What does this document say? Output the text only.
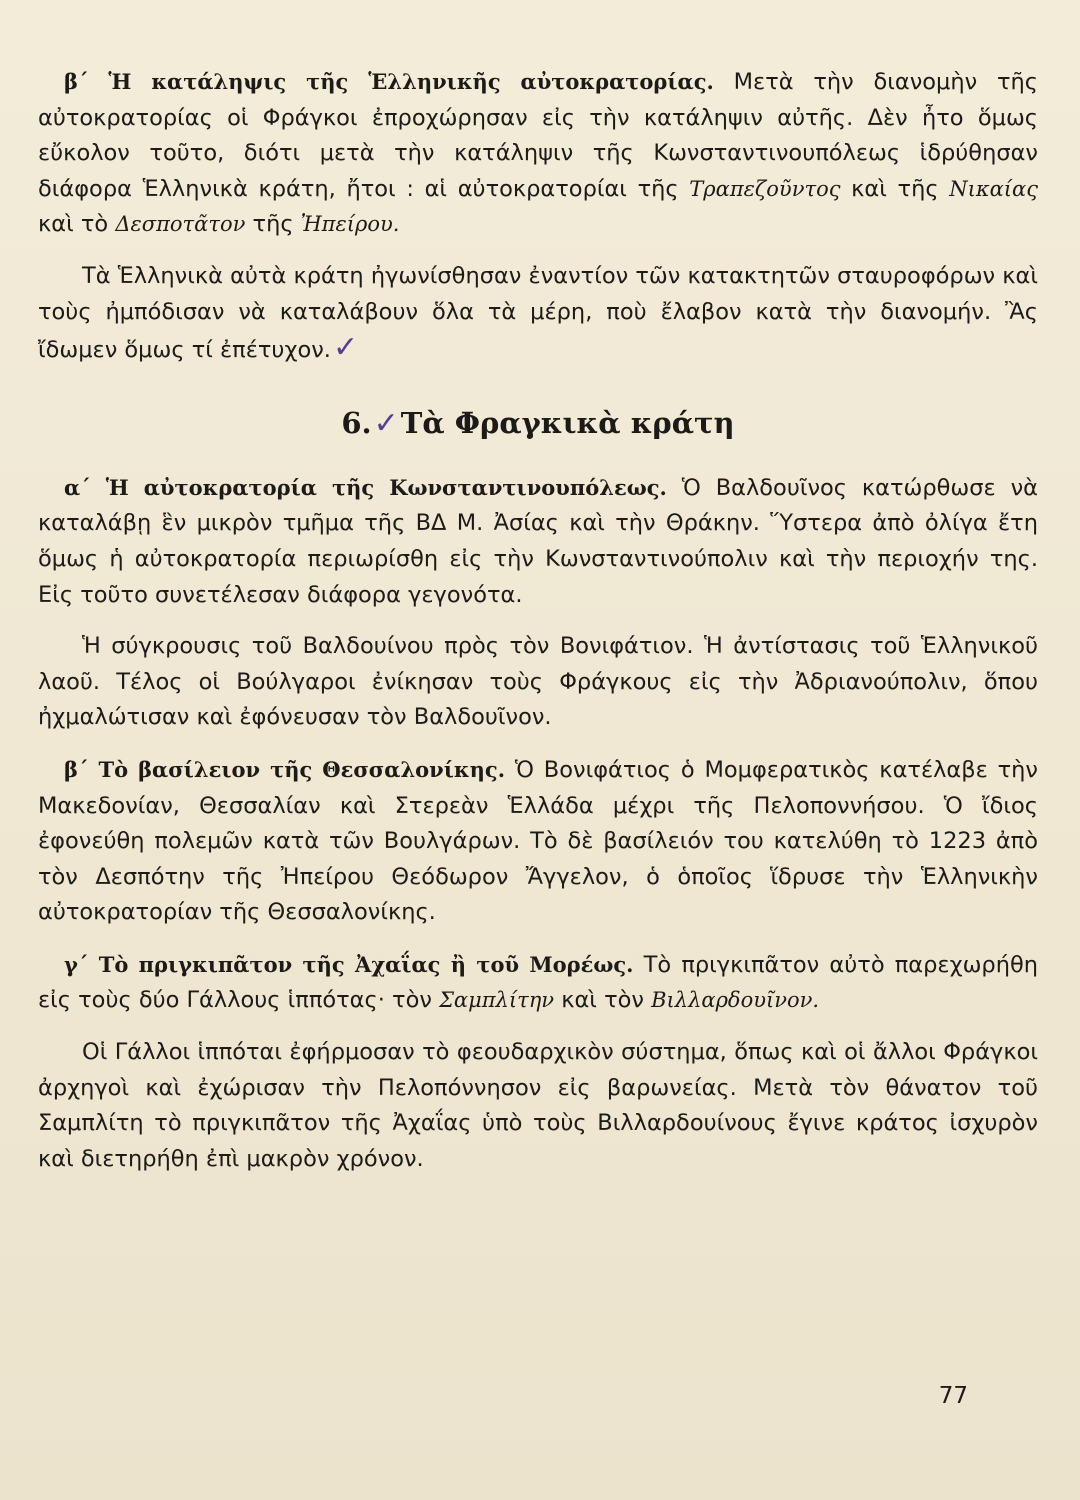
β΄ Ἡ κατάληψις τῆς Ἑλληνικῆς αὐτοκρατορίας. Μετὰ τὴν διανομὴν τῆς αὐτοκρατορίας οἱ Φράγκοι ἐπροχώρησαν εἰς τὴν κατάληψιν αὐτῆς. Δὲν ἦτο ὅμως εὔκολον τοῦτο, διότι μετὰ τὴν κατάληψιν τῆς Κωνσταντινουπόλεως ἱδρύθησαν διάφορα Ἑλληνικὰ κράτη, ἤτοι : αἱ αὐτοκρατορίαι τῆς Τραπεζοῦντος καὶ τῆς Νικαίας καὶ τὸ Δεσποτᾶτον τῆς Ἠπείρου.

Τὰ Ἑλληνικὰ αὐτὰ κράτη ἠγωνίσθησαν ἐναντίον τῶν κατακτητῶν σταυροφόρων καὶ τοὺς ἠμπόδισαν νὰ καταλάβουν ὅλα τὰ μέρη, ποὺ ἔλαβον κατὰ τὴν διανομήν. Ἂς ἴδωμεν ὅμως τί ἐπέτυχον.✓

6.✓Τὰ Φραγκικὰ κράτη

α΄ Ἡ αὐτοκρατορία τῆς Κωνσταντινουπόλεως. Ὁ Βαλδουῖνος κατώρθωσε νὰ καταλάβῃ ἓν μικρὸν τμῆμα τῆς ΒΔ Μ. Ἀσίας καὶ τὴν Θράκην. Ὕστερα ἀπὸ ὀλίγα ἔτη ὅμως ἡ αὐτοκρατορία περιωρίσθη εἰς τὴν Κωνσταντινούπολιν καὶ τὴν περιοχήν της. Εἰς τοῦτο συνετέλεσαν διάφορα γεγονότα.

Ἡ σύγκρουσις τοῦ Βαλδουίνου πρὸς τὸν Βονιφάτιον. Ἡ ἀντίστασις τοῦ Ἑλληνικοῦ λαοῦ. Τέλος οἱ Βούλγαροι ἐνίκησαν τοὺς Φράγκους εἰς τὴν Ἀδριανούπολιν, ὅπου ἠχμαλώτισαν καὶ ἐφόνευσαν τὸν Βαλδουῖνον.

β΄ Τὸ βασίλειον τῆς Θεσσαλονίκης. Ὁ Βονιφάτιος ὁ Μομφερατικὸς κατέλαβε τὴν Μακεδονίαν, Θεσσαλίαν καὶ Στερεὰν Ἑλλάδα μέχρι τῆς Πελοποννήσου. Ὁ ἴδιος ἐφονεύθη πολεμῶν κατὰ τῶν Βουλγάρων. Τὸ δὲ βασίλειόν του κατελύθη τὸ 1223 ἀπὸ τὸν Δεσπότην τῆς Ἠπείρου Θεόδωρον Ἄγγελον, ὁ ὁποῖος ἵδρυσε τὴν Ἑλληνικὴν αὐτοκρατορίαν τῆς Θεσσαλονίκης.

γ΄ Τὸ πριγκιπᾶτον τῆς Ἀχαΐας ἢ τοῦ Μορέως. Τὸ πριγκιπᾶτον αὐτὸ παρεχωρήθη εἰς τοὺς δύο Γάλλους ἱππότας· τὸν Σαμπλίτην καὶ τὸν Βιλλαρδουῖνον.

Οἱ Γάλλοι ἱππόται ἐφήρμοσαν τὸ φεουδαρχικὸν σύστημα, ὅπως καὶ οἱ ἄλλοι Φράγκοι ἀρχηγοὶ καὶ ἐχώρισαν τὴν Πελοπόννησον εἰς βαρωνείας. Μετὰ τὸν θάνατον τοῦ Σαμπλίτη τὸ πριγκιπᾶτον τῆς Ἀχαΐας ὑπὸ τοὺς Βιλλαρδουίνους ἔγινε κράτος ἰσχυρὸν καὶ διετηρήθη ἐπὶ μακρὸν χρόνον.

77
